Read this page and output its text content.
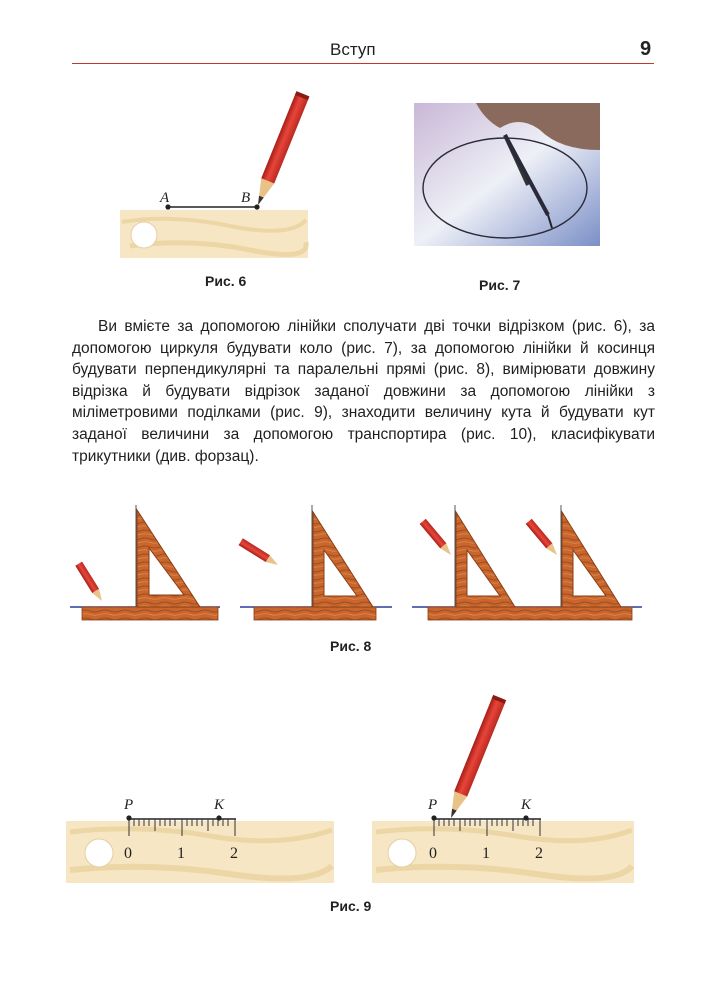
Вступ	9
A	B
Рис. 6	Рис. 7
Рис. 8
P	K
0	1	2
P	K
0	1	2
Рис. 9

Ви вмієте за допомогою лінійки сполучати дві точки відрізком (рис. 6), за допомогою циркуля будувати коло (рис. 7), за допомогою лінійки й косинця будувати перпендикулярні та паралельні прямі (рис. 8), вимірювати довжину відрізка й будувати відрізок заданої довжини за допомогою лінійки з міліметровими поділками (рис. 9), знаходити величину кута й будувати кут заданої величини за допомогою транспортира (рис. 10), класифікувати трикутники (див. форзац).
